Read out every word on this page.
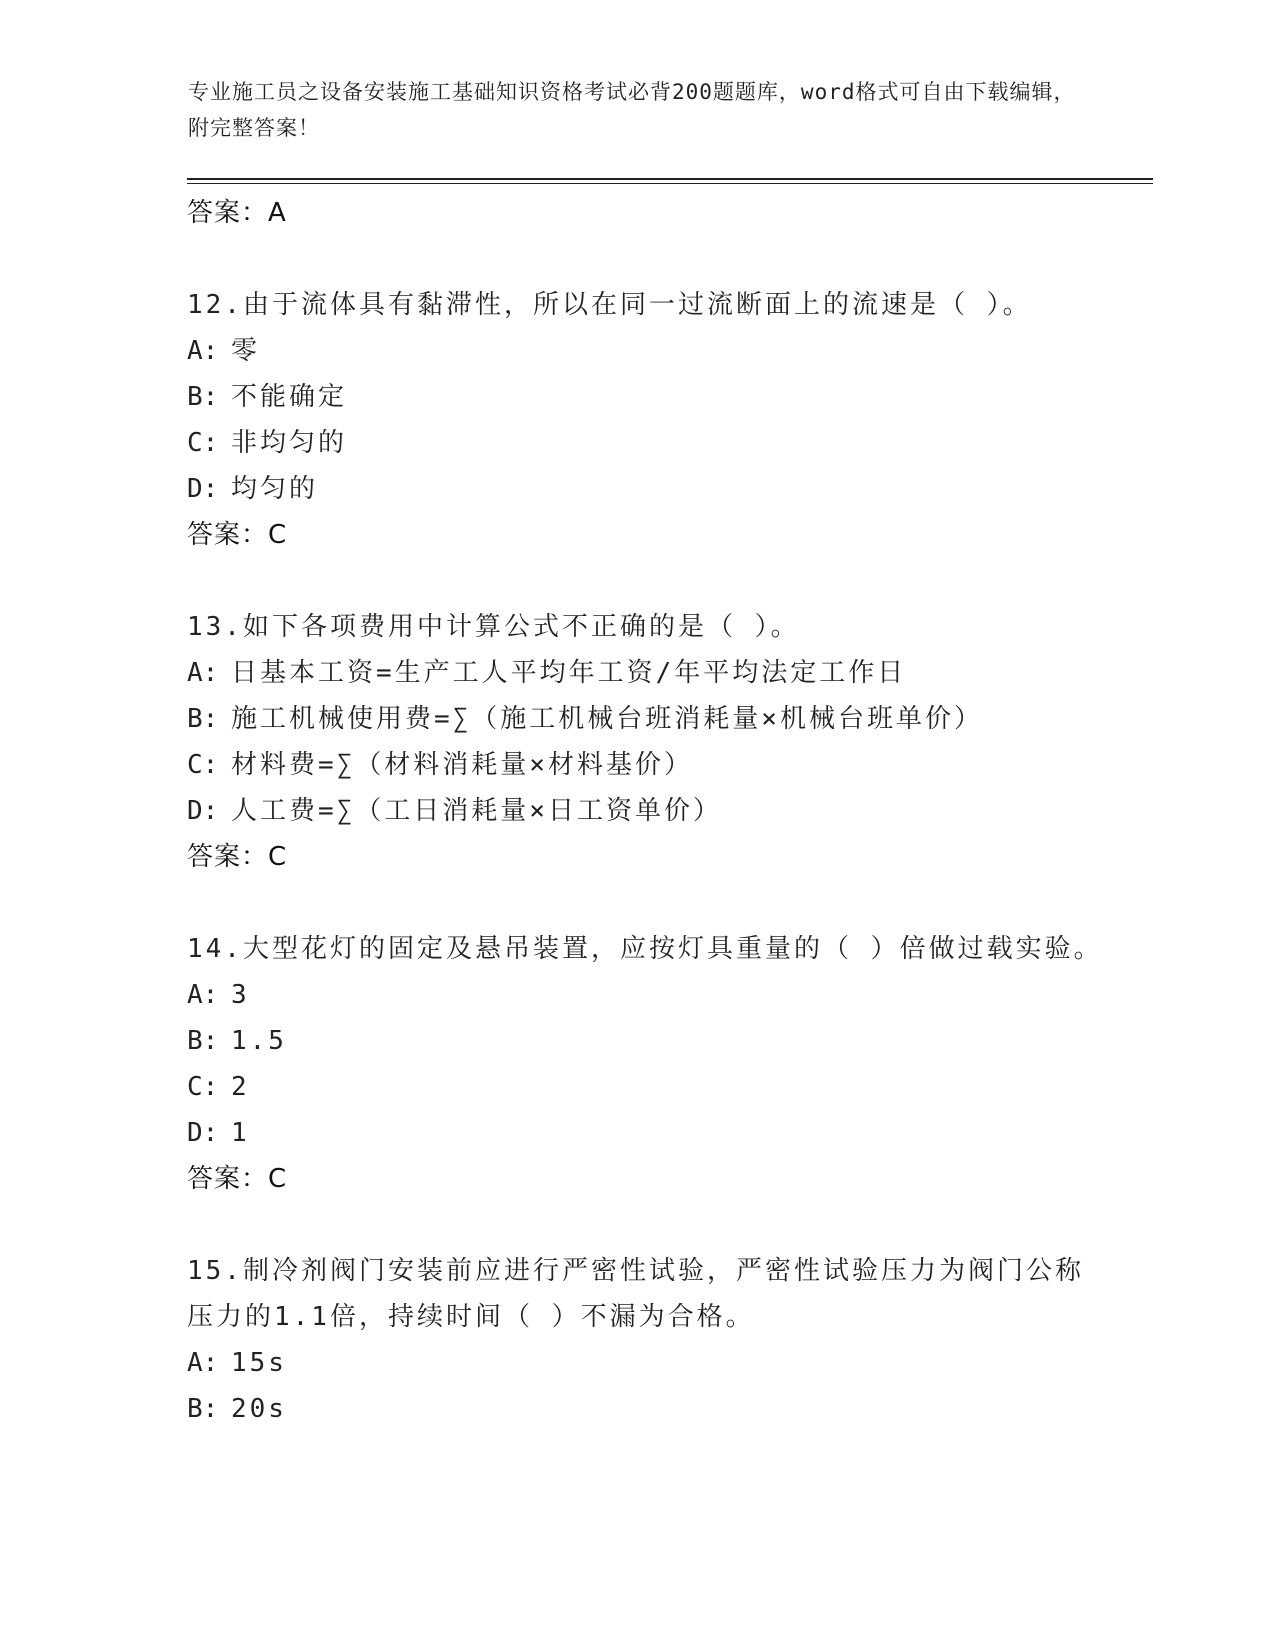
专业施工员之设备安装施工基础知识资格考试必背200题题库，word格式可自由下载编辑，附完整答案！
答案：A
12.由于流体具有黏滞性，所以在同一过流断面上的流速是（ ）。
A: 零
B: 不能确定
C: 非均匀的
D: 均匀的
答案：C
13.如下各项费用中计算公式不正确的是（ ）。
A: 日基本工资=生产工人平均年工资/年平均法定工作日
B: 施工机械使用费=∑（施工机械台班消耗量×机械台班单价）
C: 材料费=∑（材料消耗量×材料基价）
D: 人工费=∑（工日消耗量×日工资单价）
答案：C
14.大型花灯的固定及悬吊装置，应按灯具重量的（ ）倍做过载实验。
A: 3
B: 1.5
C: 2
D: 1
答案：C
15.制冷剂阀门安装前应进行严密性试验，严密性试验压力为阀门公称压力的1.1倍，持续时间（ ）不漏为合格。
A: 15s
B: 20s
